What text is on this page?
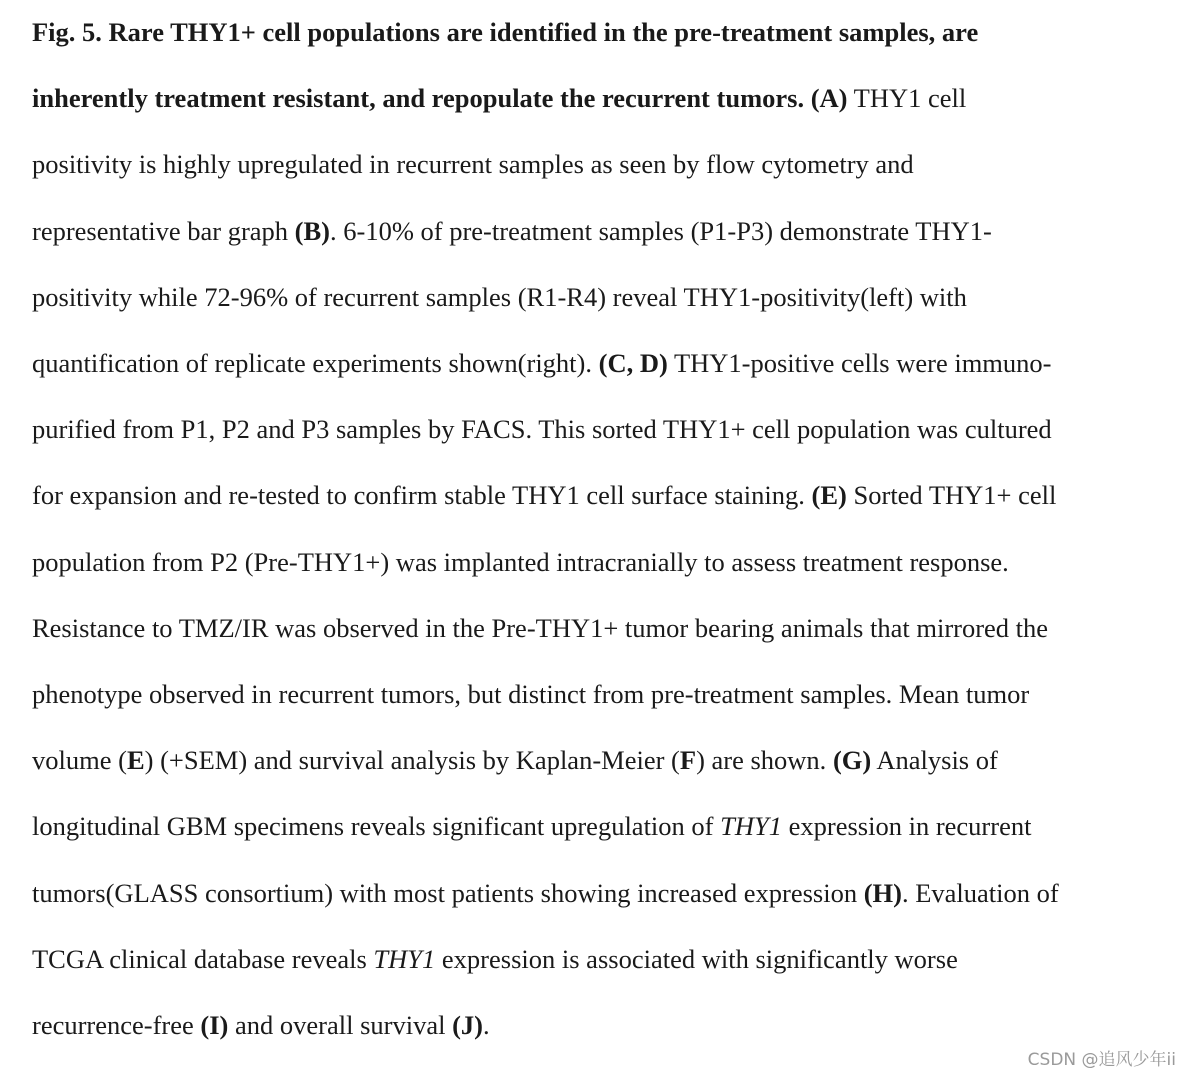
Fig. 5. Rare THY1+ cell populations are identified in the pre-treatment samples, are
inherently treatment resistant, and repopulate the recurrent tumors. (A) THY1 cell
positivity is highly upregulated in recurrent samples as seen by flow cytometry and
representative bar graph (B). 6-10% of pre-treatment samples (P1-P3) demonstrate THY1-
positivity while 72-96% of recurrent samples (R1-R4) reveal THY1-positivity(left) with
quantification of replicate experiments shown(right). (C, D) THY1-positive cells were immuno-
purified from P1, P2 and P3 samples by FACS. This sorted THY1+ cell population was cultured
for expansion and re-tested to confirm stable THY1 cell surface staining. (E) Sorted THY1+ cell
population from P2 (Pre-THY1+) was implanted intracranially to assess treatment response.
Resistance to TMZ/IR was observed in the Pre-THY1+ tumor bearing animals that mirrored the
phenotype observed in recurrent tumors, but distinct from pre-treatment samples. Mean tumor
volume (E) (+SEM) and survival analysis by Kaplan-Meier (F) are shown. (G) Analysis of
longitudinal GBM specimens reveals significant upregulation of THY1 expression in recurrent
tumors(GLASS consortium) with most patients showing increased expression (H). Evaluation of
TCGA clinical database reveals THY1 expression is associated with significantly worse
recurrence-free (I) and overall survival (J).
CSDN @追风少年ii
